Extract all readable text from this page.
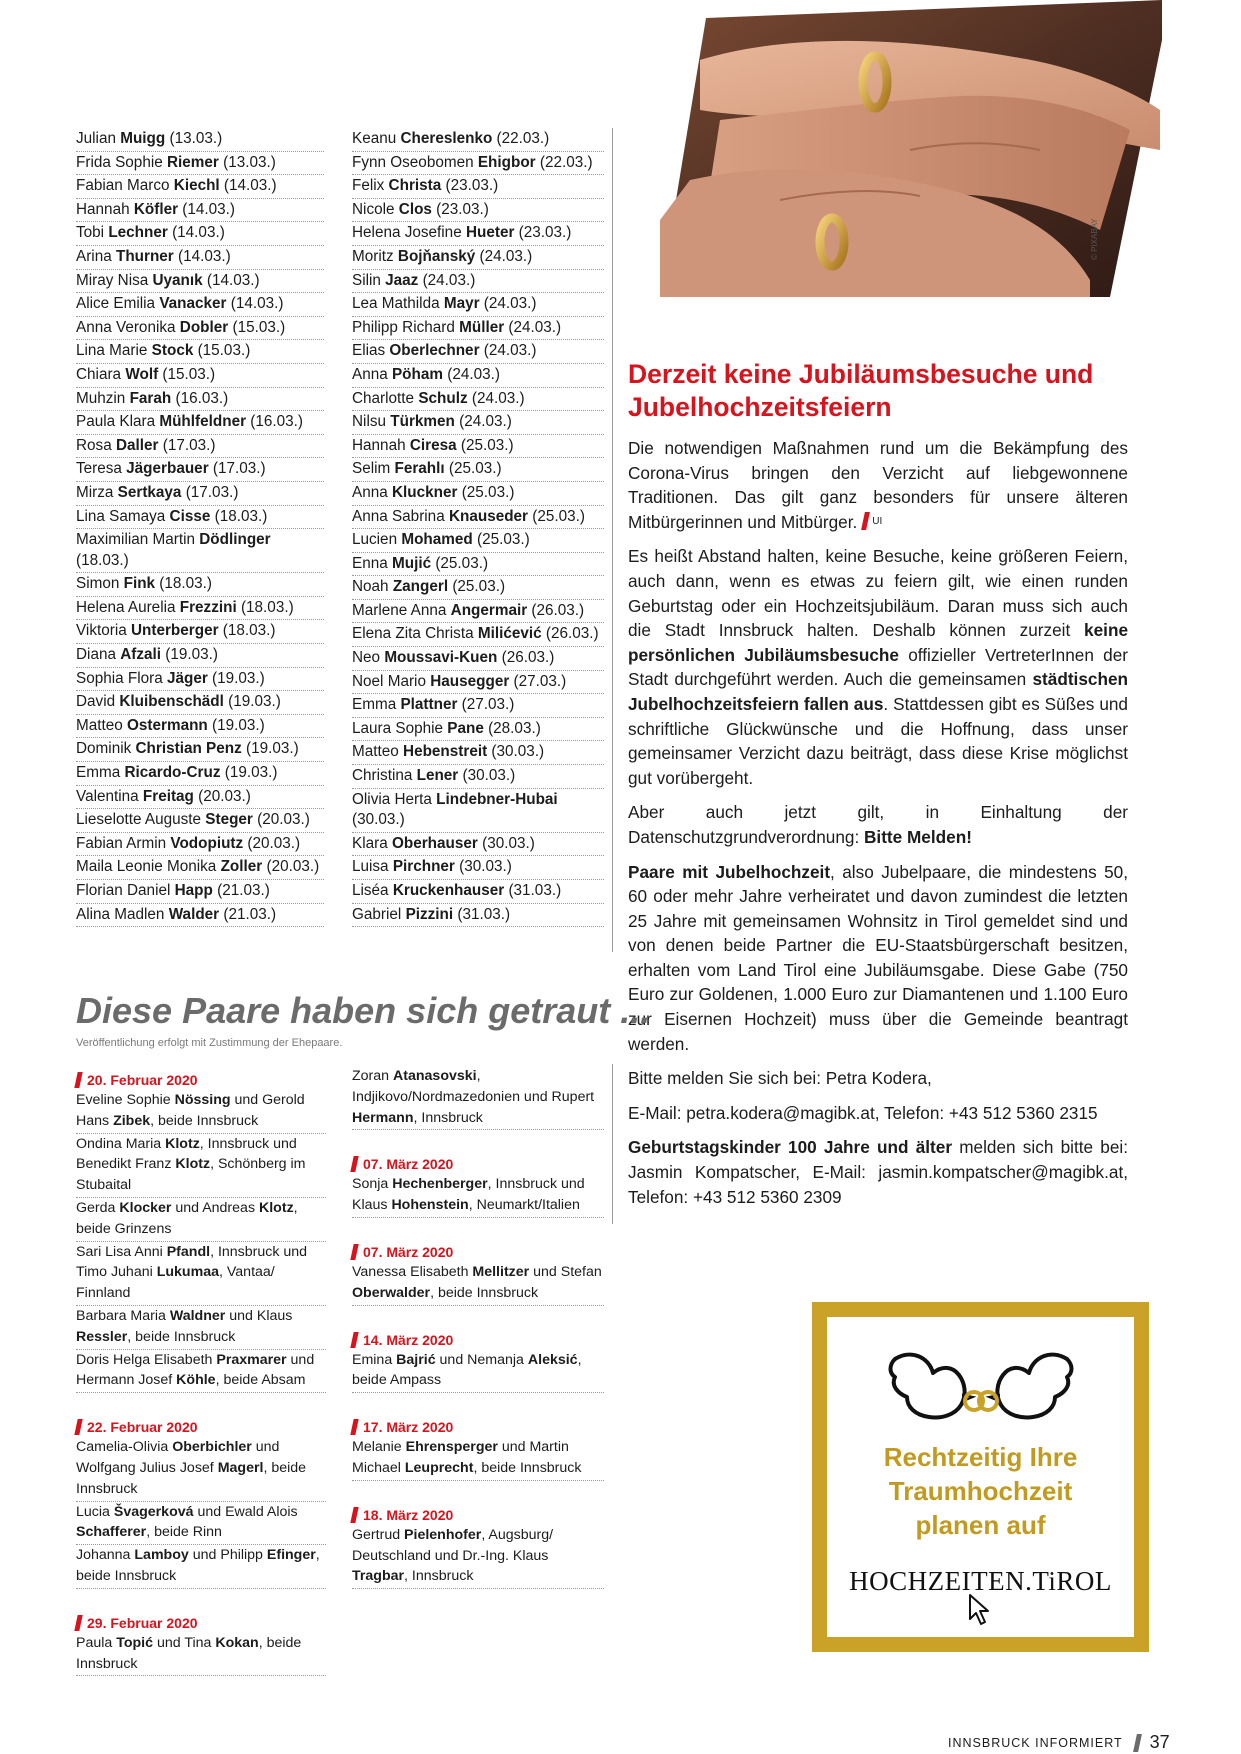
Julian Muigg (13.03.)
Frida Sophie Riemer (13.03.)
Fabian Marco Kiechl (14.03.)
Hannah Köfler (14.03.)
Tobi Lechner (14.03.)
Arina Thurner (14.03.)
Miray Nisa Uyanık (14.03.)
Alice Emilia Vanacker (14.03.)
Anna Veronika Dobler (15.03.)
Lina Marie Stock (15.03.)
Chiara Wolf (15.03.)
Muhzin Farah (16.03.)
Paula Klara Mühlfeldner (16.03.)
Rosa Daller (17.03.)
Teresa Jägerbauer (17.03.)
Mirza Sertkaya (17.03.)
Lina Samaya Cisse (18.03.)
Maximilian Martin Dödlinger (18.03.)
Simon Fink (18.03.)
Helena Aurelia Frezzini (18.03.)
Viktoria Unterberger (18.03.)
Diana Afzali (19.03.)
Sophia Flora Jäger (19.03.)
David Kluibenschädl (19.03.)
Matteo Ostermann (19.03.)
Dominik Christian Penz (19.03.)
Emma Ricardo-Cruz (19.03.)
Valentina Freitag (20.03.)
Lieselotte Auguste Steger (20.03.)
Fabian Armin Vodopiutz (20.03.)
Maila Leonie Monika Zoller (20.03.)
Florian Daniel Happ (21.03.)
Alina Madlen Walder (21.03.)
Keanu Chereslenko (22.03.)
Fynn Oseobomen Ehigbor (22.03.)
Felix Christa (23.03.)
Nicole Clos (23.03.)
Helena Josefine Hueter (23.03.)
Moritz Bojňanský (24.03.)
Silin Jaaz (24.03.)
Lea Mathilda Mayr (24.03.)
Philipp Richard Müller (24.03.)
Elias Oberlechner (24.03.)
Anna Pöham (24.03.)
Charlotte Schulz (24.03.)
Nilsu Türkmen (24.03.)
Hannah Ciresa (25.03.)
Selim Ferahlı (25.03.)
Anna Kluckner (25.03.)
Anna Sabrina Knauseder (25.03.)
Lucien Mohamed (25.03.)
Enna Mujić (25.03.)
Noah Zangerl (25.03.)
Marlene Anna Angermair (26.03.)
Elena Zita Christa Milićević (26.03.)
Neo Moussavi-Kuen (26.03.)
Noel Mario Hausegger (27.03.)
Emma Plattner (27.03.)
Laura Sophie Pane (28.03.)
Matteo Hebenstreit (30.03.)
Christina Lener (30.03.)
Olivia Herta Lindebner-Hubai (30.03.)
Klara Oberhauser (30.03.)
Luisa Pirchner (30.03.)
Liséa Kruckenhauser (31.03.)
Gabriel Pizzini (31.03.)
© PIXABAY
Derzeit keine Jubiläumsbesuche und Jubelhochzeitsfeiern

Die notwendigen Maßnahmen rund um die Bekämpfung des Corona-Virus bringen den Verzicht auf liebgewonnene Traditionen. Das gilt ganz besonders für unsere älteren Mitbürgerinnen und Mitbürger. $^{UI}$

Es heißt Abstand halten, keine Besuche, keine größeren Feiern, auch dann, wenn es etwas zu feiern gilt, wie einen runden Geburtstag oder ein Hochzeitsjubiläum. Daran muss sich auch die Stadt Innsbruck halten. Deshalb können zurzeit keine persönlichen Jubiläumsbesuche offizieller VertreterInnen der Stadt durchgeführt werden. Auch die gemeinsamen städtischen Jubelhochzeitsfeiern fallen aus. Stattdessen gibt es Süßes und schriftliche Glückwünsche und die Hoffnung, dass unser gemeinsamer Verzicht dazu beiträgt, dass diese Krise möglichst gut vorübergeht.

Aber auch jetzt gilt, in Einhaltung der Datenschutzgrundverordnung: Bitte Melden!

Paare mit Jubelhochzeit, also Jubelpaare, die mindestens 50, 60 oder mehr Jahre verheiratet und davon zumindest die letzten 25 Jahre mit gemeinsamen Wohnsitz in Tirol gemeldet sind und von denen beide Partner die EU-Staatsbürgerschaft besitzen, erhalten vom Land Tirol eine Jubiläumsgabe. Diese Gabe (750 Euro zur Goldenen, 1.000 Euro zur Diamantenen und 1.100 Euro zur Eisernen Hochzeit) muss über die Gemeinde beantragt werden.

Bitte melden Sie sich bei: Petra Kodera,

E-Mail: petra.kodera@magibk.at, Telefon: +43 512 5360 2315

Geburtstagskinder 100 Jahre und älter melden sich bitte bei: Jasmin Kompatscher, E-Mail: jasmin.kompatscher@magibk.at, Telefon: +43 512 5360 2309

Diese Paare haben sich getraut ...
Veröffentlichung erfolgt mit Zustimmung der Ehepaare.
20. Februar 2020
Eveline Sophie Nössing und Gerold Hans Zibek, beide Innsbruck
Ondina Maria Klotz, Innsbruck und Benedikt Franz Klotz, Schönberg im Stubaital
Gerda Klocker und Andreas Klotz, beide Grinzens
Sari Lisa Anni Pfandl, Innsbruck und Timo Juhani Lukumaa, Vantaa/ Finnland
Barbara Maria Waldner und Klaus Ressler, beide Innsbruck
Doris Helga Elisabeth Praxmarer und Hermann Josef Köhle, beide Absam
22. Februar 2020
Camelia-Olivia Oberbichler und Wolfgang Julius Josef Magerl, beide Innsbruck
Lucia Švagerková und Ewald Alois Schafferer, beide Rinn
Johanna Lamboy und Philipp Efinger, beide Innsbruck
29. Februar 2020
Paula Topić und Tina Kokan, beide Innsbruck
Zoran Atanasovski, Indjikovo/Nordmazedonien und Rupert Hermann, Innsbruck
07. März 2020
Sonja Hechenberger, Innsbruck und Klaus Hohenstein, Neumarkt/Italien
07. März 2020
Vanessa Elisabeth Mellitzer und Stefan Oberwalder, beide Innsbruck
14. März 2020
Emina Bajrić und Nemanja Aleksić, beide Ampass
17. März 2020
Melanie Ehrensperger und Martin Michael Leuprecht, beide Innsbruck
18. März 2020
Gertrud Pielenhofer, Augsburg/ Deutschland und Dr.-Ing. Klaus Tragbar, Innsbruck
Rechtzeitig Ihre
Traumhochzeit
planen auf
HOCHZEITEN.TiROL
INNSBRUCK INFORMIERT 37
